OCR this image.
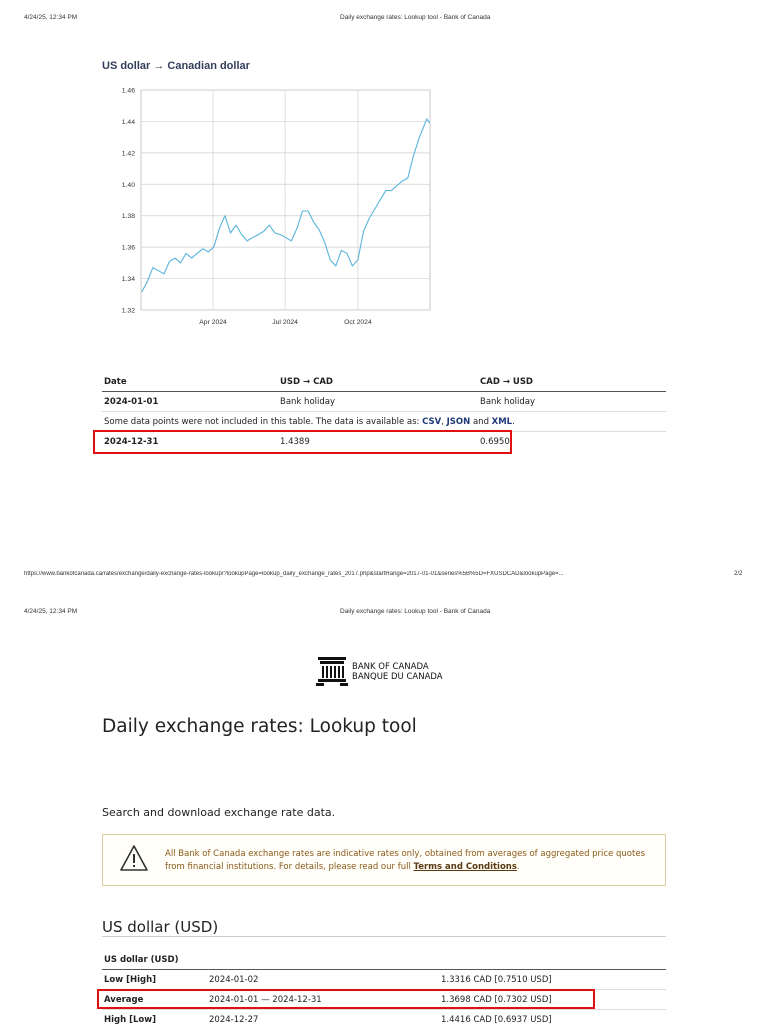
4/24/25, 12:34 PM	Daily exchange rates: Lookup tool - Bank of Canada
US dollar → Canadian dollar
1.46
1.44
1.42
1.40
1.38
1.36
1.34
1.32
Apr 2024	Jul 2024	Oct 2024
Date	USD → CAD	CAD → USD
2024-01-01	Bank holiday	Bank holiday
Some data points were not included in this table. The data is available as: CSV, JSON and XML.		
2024-12-31	1.4389	0.6950
https://www.bankofcanada.ca/rates/exchange/daily-exchange-rates-lookup/?lookupPage=lookup_daily_exchange_rates_2017.php&startRange=2017-01-01&series%5B%5D=FXUSDCAD&lookupPage=...	2/2
4/24/25, 12:34 PM	Daily exchange rates: Lookup tool - Bank of Canada
BANK OF CANADA
BANQUE DU CANADA
Daily exchange rates: Lookup tool
Search and download exchange rate data.
All Bank of Canada exchange rates are indicative rates only, obtained from averages of aggregated price quotes from financial institutions. For details, please read our full Terms and Conditions.
US dollar (USD)
US dollar (USD)		
Low [High]	2024-01-02	1.3316 CAD [0.7510 USD]
Average	2024-01-01 — 2024-12-31	1.3698 CAD [0.7302 USD]
High [Low]	2024-12-27	1.4416 CAD [0.6937 USD]
